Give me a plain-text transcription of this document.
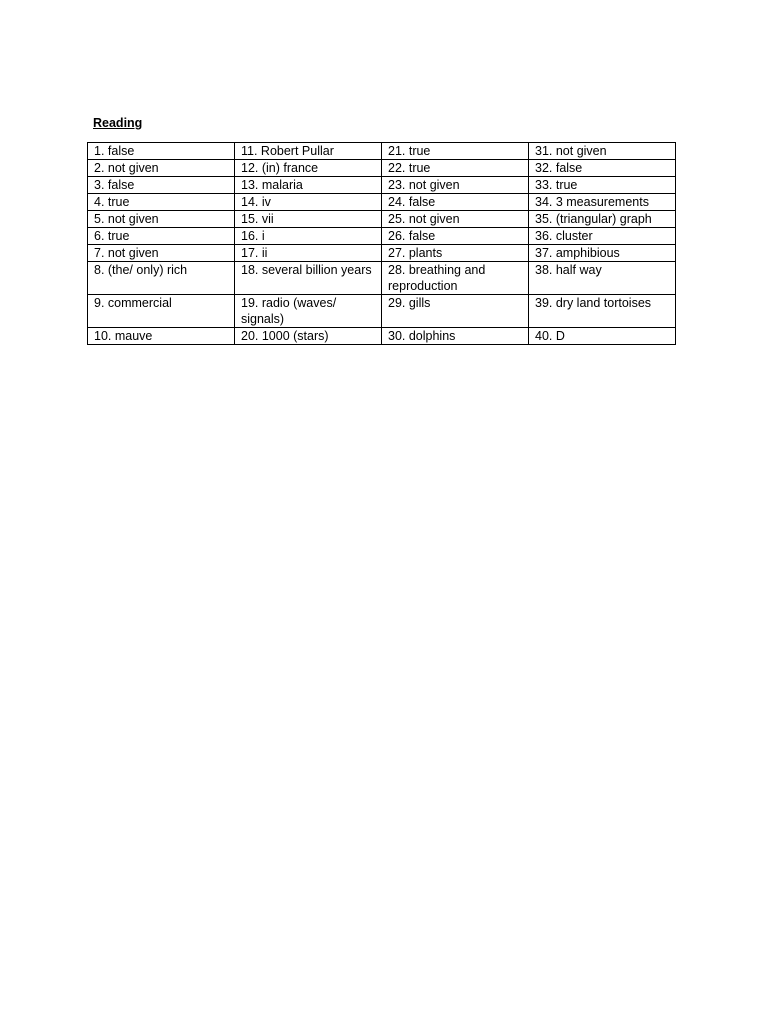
Reading
1. false	11. Robert Pullar	21. true	31. not given
2. not given	12. (in) france	22. true	32. false
3. false	13. malaria	23. not given	33. true
4. true	14. iv	24. false	34. 3 measurements
5. not given	15. vii	25. not given	35. (triangular) graph
6. true	16. i	26. false	36. cluster
7. not given	17. ii	27. plants	37. amphibious
8. (the/ only) rich	18. several billion years	28. breathing and reproduction	38. half way
9. commercial	19. radio (waves/ signals)	29. gills	39. dry land tortoises
10. mauve	20. 1000 (stars)	30. dolphins	40. D
